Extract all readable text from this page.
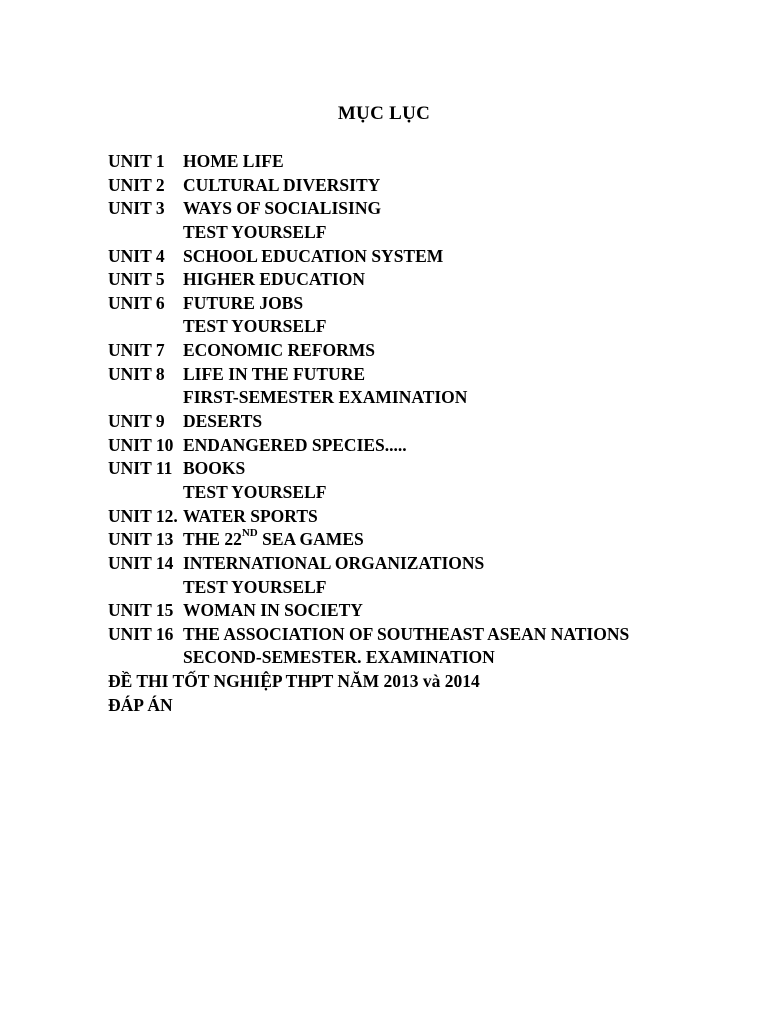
MỤC LỤC
UNIT 1 HOME LIFE
UNIT 2 CULTURAL DIVERSITY
UNIT 3 WAYS OF SOCIALISING
TEST YOURSELF
UNIT 4 SCHOOL EDUCATION SYSTEM
UNIT 5 HIGHER EDUCATION
UNIT 6 FUTURE JOBS
TEST YOURSELF
UNIT 7 ECONOMIC REFORMS
UNIT 8 LIFE IN THE FUTURE
FIRST-SEMESTER EXAMINATION
UNIT 9 DESERTS
UNIT 10 ENDANGERED SPECIES.....
UNIT 11 BOOKS
TEST YOURSELF
UNIT 12. WATER SPORTS
UNIT 13 THE 22ND SEA GAMES
UNIT 14 INTERNATIONAL ORGANIZATIONS
TEST YOURSELF
UNIT 15 WOMAN IN SOCIETY
UNIT 16 THE ASSOCIATION OF SOUTHEAST ASEAN NATIONS
SECOND-SEMESTER. EXAMINATION
ĐỀ THI TỐT NGHIỆP THPT NĂM 2013 và 2014
ĐÁP ÁN
